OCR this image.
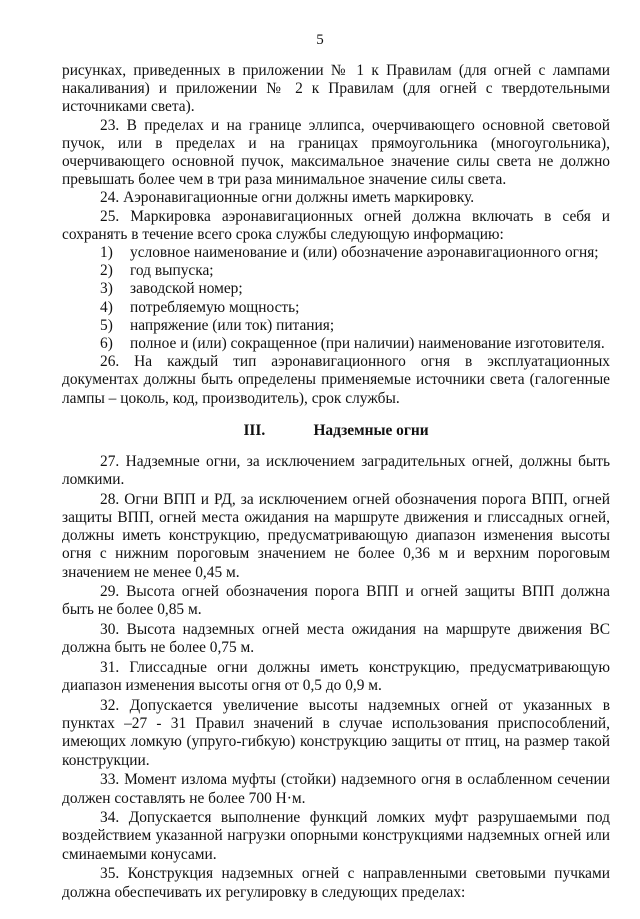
5

рисунках, приведенных в приложении № 1 к Правилам (для огней с лампами накаливания) и приложении № 2 к Правилам (для огней с твердотельными источниками света).

23. В пределах и на границе эллипса, очерчивающего основной световой пучок, или в пределах и на границах прямоугольника (многоугольника), очерчивающего основной пучок, максимальное значение силы света не должно превышать более чем в три раза минимальное значение силы света.

24. Аэронавигационные огни должны иметь маркировку.

25. Маркировка аэронавигационных огней должна включать в себя и сохранять в течение всего срока службы следующую информацию:

1) условное наименование и (или) обозначение аэронавигационного огня;
2) год выпуска;
3) заводской номер;
4) потребляемую мощность;
5) напряжение (или ток) питания;
6) полное и (или) сокращенное (при наличии) наименование изготовителя.

26. На каждый тип аэронавигационного огня в эксплуатационных документах должны быть определены применяемые источники света (галогенные лампы – цоколь, код, производитель), срок службы.

III.	Надземные огни

27. Надземные огни, за исключением заградительных огней, должны быть ломкими.

28. Огни ВПП и РД, за исключением огней обозначения порога ВПП, огней защиты ВПП, огней места ожидания на маршруте движения и глиссадных огней, должны иметь конструкцию, предусматривающую диапазон изменения высоты огня с нижним пороговым значением не более 0,36 м и верхним пороговым значением не менее 0,45 м.

29. Высота огней обозначения порога ВПП и огней защиты ВПП должна быть не более 0,85 м.

30. Высота надземных огней места ожидания на маршруте движения ВС должна быть не более 0,75 м.

31. Глиссадные огни должны иметь конструкцию, предусматривающую диапазон изменения высоты огня от 0,5 до 0,9 м.

32. Допускается увеличение высоты надземных огней от указанных в пунктах –27 - 31 Правил значений в случае использования приспособлений, имеющих ломкую (упруго-гибкую) конструкцию защиты от птиц, на размер такой конструкции.

33. Момент излома муфты (стойки) надземного огня в ослабленном сечении должен составлять не более 700 Н·м.

34. Допускается выполнение функций ломких муфт разрушаемыми под воздействием указанной нагрузки опорными конструкциями надземных огней или сминаемыми конусами.

35. Конструкция надземных огней с направленными световыми пучками должна обеспечивать их регулировку в следующих пределах:
